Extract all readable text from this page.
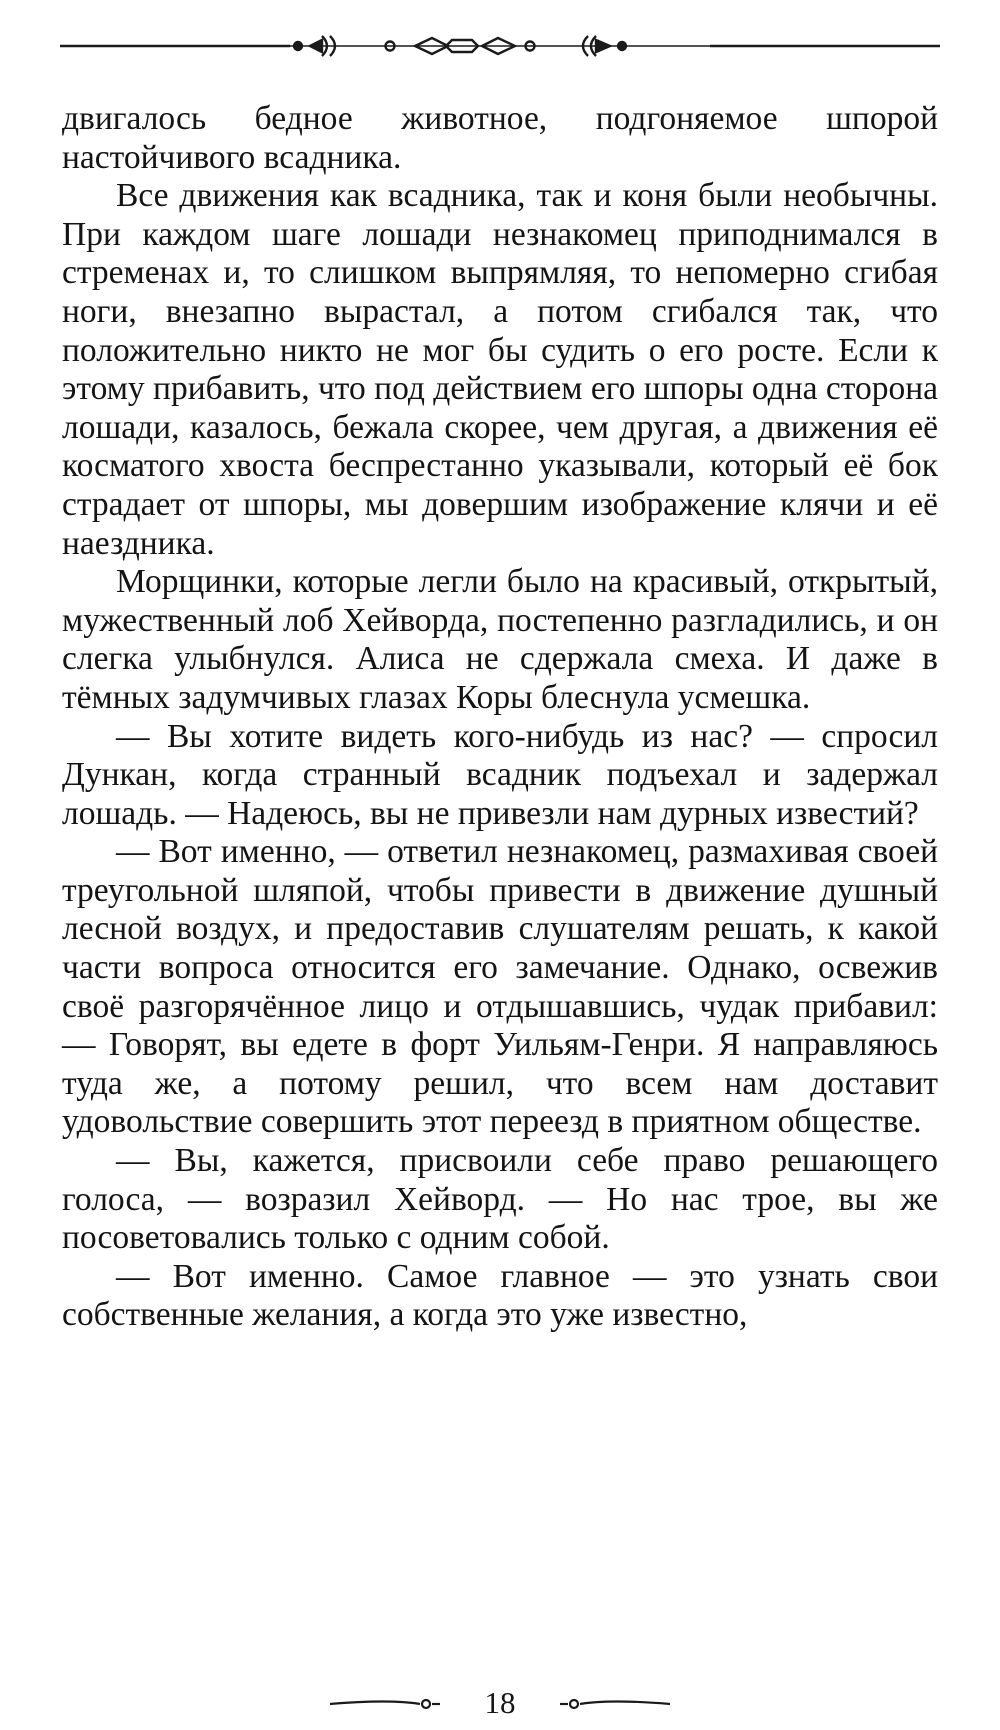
двигалось бедное животное, подгоняемое шпорой настойчивого всадника.

Все движения как всадника, так и коня были необычны. При каждом шаге лошади незнакомец приподнимался в стременах и, то слишком выпрямляя, то непомерно сгибая ноги, внезапно вырастал, а потом сгибался так, что положительно никто не мог бы судить о его росте. Если к этому прибавить, что под действием его шпоры одна сторона лошади, казалось, бежала скорее, чем другая, а движения её косматого хвоста беспрестанно указывали, который её бок страдает от шпоры, мы довершим изображение клячи и её наездника.

Морщинки, которые легли было на красивый, открытый, мужественный лоб Хейворда, постепенно разгладились, и он слегка улыбнулся. Алиса не сдержала смеха. И даже в тёмных задумчивых глазах Коры блеснула усмешка.

— Вы хотите видеть кого-нибудь из нас? — спросил Дункан, когда странный всадник подъехал и задержал лошадь. — Надеюсь, вы не привезли нам дурных известий?

— Вот именно, — ответил незнакомец, размахивая своей треугольной шляпой, чтобы привести в движение душный лесной воздух, и предоставив слушателям решать, к какой части вопроса относится его замечание. Однако, освежив своё разгорячённое лицо и отдышавшись, чудак прибавил: — Говорят, вы едете в форт Уильям-Генри. Я направляюсь туда же, а потому решил, что всем нам доставит удовольствие совершить этот переезд в приятном обществе.

— Вы, кажется, присвоили себе право решающего голоса, — возразил Хейворд. — Но нас трое, вы же посоветовались только с одним собой.

— Вот именно. Самое главное — это узнать свои собственные желания, а когда это уже известно,

18
